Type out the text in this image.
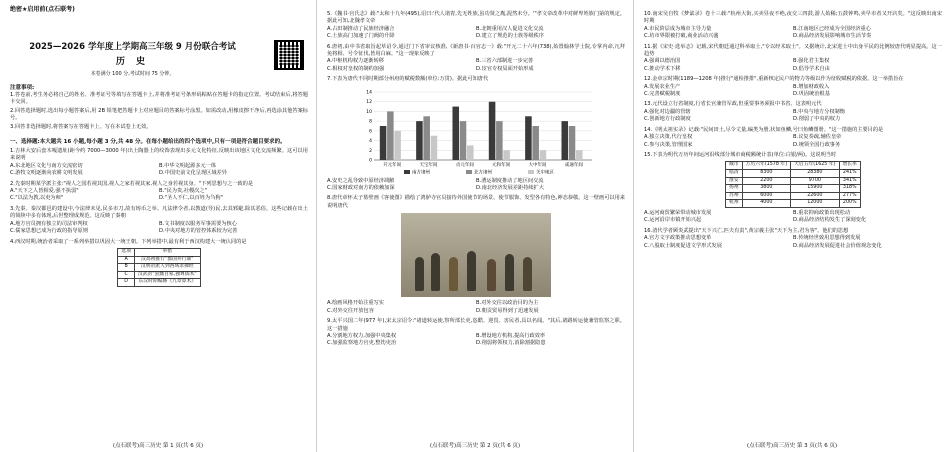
绝密★启用前(点石联考)
2025—2026 学年度上学期高三年级 9 月份联合考试
历 史
本卷满分 100 分,考试时间 75 分钟。
注意事项:
1.答卷前,考生务必将自己的姓名、准考证号等填写在答题卡上,并将准考证号条形码粘贴在答题卡的指定位置。考试结束后,将答题卡交回。
2.回答选择题时,选出每小题答案后,用 2B 铅笔把答题卡上对应题目的答案标号涂黑。如需改动,用橡皮擦干净后,再选涂其他答案标号。
3.回答非选择题时,将答案写在答题卡上。写在本试卷上无效。
一、选择题:本大题共 16 小题,每小题 3 分,共 48 分。在每小题给出的四个选项中,只有一项是符合题目要求的。
1.吉林大安后套木嘎遗址(距今约 7000—3000 年)出土陶器上的纹饰表现出多元文化特征,反映出该地区文化交流频繁。这可以用来说明
A.东北地区文化与南方交流密切	B.中华文明起源多元一体
C.游牧文明逐渐向农耕文明发展	D.中国史前文化呈现区域差异
2.先秦时期某学派主张:"视人之国若视其国,视人之家若视其家,视人之身若视其身。"下列思想与之一致的是
A."天下之人皆相爱,强不执弱"	B."民为贵,社稷次之"
C."以法为教,以吏为师"	D."圣人不仁,以百姓为刍狗"
3.先秦、秦汉都邑的建设中,今法律未见,民多市刀,故有铸币之举。凡法律令者,以教道(导)民,去其邪避,除其恶俗。这些记载在出土的简牍中多有体现,后世整理成规范。这反映了秦朝
A.地方官员拥有独立的司法审判权	B.文书制度以服务军事需要为核心
C.儒家思想已成为行政的指导原则	D.中央对地方的管控体系较为完善
4.西汉时期,统治者采取了一系列举措以巩固大一统王朝。下列举措中,最有利于西汉构建大一统认同的是
选项	举措
A	汉高祖推行"郡国并行制"
B	汉明帝派人到西域求佛经
C	汉武帝"罢黜百家,独尊儒术"
D	东汉时期编修《九章算术》
(点石联考)高三历史 第 1 页(共 6 页)
5.《魏书·官氏志》载:"太和十九年(495),诏曰:'代人诸胄,先无姓族,虽功贤之胤,混然未分。'"孝文帝改革中对鲜卑姓族门第的规定。据此可知,北魏孝文帝
A.占田制推动了民族经济融合	B.北朝重用汉人促进文化交流
C.士族高门加速了门阀的升降	D.建立了规范的士族等级秩序
6.唐初,由中书省取旨起草诏令,通过门下省审议核准,《新唐书·百官志一》载:"开元二十六年(738),始置翰林学士院,专掌内命,凡拜免将相、号令征伐,皆用白麻。"这一现象反映了
A.中枢机构权力逐渐转移	B.三省六部制进一步完善
C.相权对皇权的制约加强	D.宦官专权局面开始形成
7.下表为唐代不同时期部分州府的赋税数额(单位:万贯)。据此可知唐代
0
2
4
6
8
10
12
14
开元年间	天宝年间	贞元年间	元和年间	大中年间	咸通年间
南方诸州	北方诸州	关中地区
A.安史之乱导致中原经济凋敝	B.漕运制度推动了地区间交流
C.国家财政对南方的依赖加深	D.南北经济发展差距持续扩大
8.唐代章怀太子墓壁画《客使图》描绘了鸿胪寺官员接待外国使节的场景。使节服饰、发型各有特色,神态恭敬。这一壁画可以用来说明唐代
A.绘画风格开始注重写实	B.对外交往以政治目的为主
C.对外交往开放包容	D.朝贡贸易得到了迅速发展
9.太平兴国二年(977 年),宋太宗诏令:"诸道转运使,察所部长吏,恣酷、迎畏、害民者,具以名闻。"其后,诸路转运使兼管监察之职。这一措施
A.分割地方权力,加强中央集权	B.增设地方机构,提高行政效率
C.加强监察地方官吏,整饬吏治	D.削弱将领权力,消除割据隐患
(点石联考)高三历史 第 2 页(共 6 页)
10.南宋吴自牧《梦粱录》卷十三载:"杭州大街,买卖昼夜不绝,夜交三四鼓,游人始稀;五鼓钟鸣,卖早市者又开店矣。"这反映出南宋时期
A.市民阶层成为城市主导力量	B.江南地区已经成为全国经济重心
C.坊市界限被打破,商业活动兴盛	D.商品经济发展影响城市生活节奏
11.据《宋史·选举志》记载,宋代朝廷通过科举取士,"专以经术取士"。又据统计,北宋进士中出身平民的比例较唐代明显提高。这一趋势
A.强调以德治国	B.强化君主集权
C.推动学术下移	D.倡导学术自由
12.金章宗时期(1189—1208 年)推行"通检推排",重新核定民户的物力等级以作为征收赋税的依据。这一举措旨在
A.发展农业生产	B.增加财政收入
C.完善赋税制度	D.巩固统治根基
13.元代设立行省制度,行省长官兼管军政,但重要事务须报中书省。这表明元代
A.强化对边疆的管辖	B.中央与地方分权制衡
C.创新地方行政制度	D.削弱了中央的权力
14.《明太祖实录》记载:"民间田土,尽令丈量,编类为册,状如鱼鳞,号曰鱼鳞图册。"这一措施的主要目的是
A.独立决策,代行皇权	B.议复奏疏,辅佐皇帝
C.参与决策,管理国家	D.统领全国行政事务
15.下表为明代万历年间运河沿线部分城市商税额统计表(单位:白银/两)。这说明当时
城市	万历六年(1578 年)	天启五年(1625 年)	增长率
临清	8300	28380	241%
淮安	2200	9700	341%
扬州	3800	15900	318%
苏州	6000	22600	277%
杭州	4000	12000	200%
A.运河商贸繁荣带动城市发展	B.重农抑商政策出现松动
C.运河沿岸市镇开始兴起	D.商品经济结构发生了深刻变化
16.清代学者顾炎武提出"天下兴亡,匹夫有责",黄宗羲主张"天下为主,君为客"。他们的思想
A.官方文字政策推动思想变革	B.传统经世致用思想得到发展
C.八股取士制度促进文学形式发展	D.商品经济发展促进社会价值观念变化
(点石联考)高三历史 第 3 页(共 6 页)
